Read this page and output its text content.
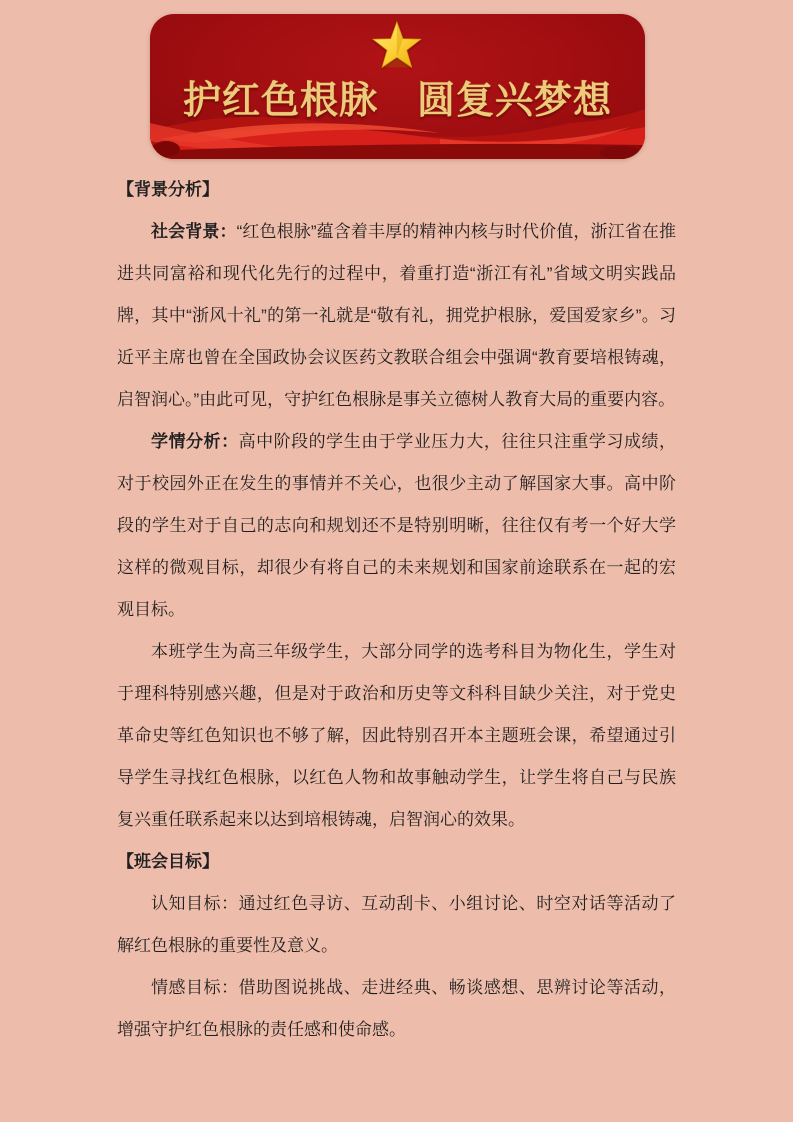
护红色根脉　圆复兴梦想
【背景分析】

社会背景：“红色根脉”蕴含着丰厚的精神内核与时代价值，浙江省在推进共同富裕和现代化先行的过程中，着重打造“浙江有礼”省域文明实践品牌，其中“浙风十礼”的第一礼就是“敬有礼，拥党护根脉，爱国爱家乡”。习近平主席也曾在全国政协会议医药文教联合组会中强调“教育要培根铸魂，启智润心。”由此可见，守护红色根脉是事关立德树人教育大局的重要内容。

学情分析：高中阶段的学生由于学业压力大，往往只注重学习成绩，对于校园外正在发生的事情并不关心，也很少主动了解国家大事。高中阶段的学生对于自己的志向和规划还不是特别明晰，往往仅有考一个好大学这样的微观目标，却很少有将自己的未来规划和国家前途联系在一起的宏观目标。

本班学生为高三年级学生，大部分同学的选考科目为物化生，学生对于理科特别感兴趣，但是对于政治和历史等文科科目缺少关注，对于党史革命史等红色知识也不够了解，因此特别召开本主题班会课，希望通过引导学生寻找红色根脉，以红色人物和故事触动学生，让学生将自己与民族复兴重任联系起来以达到培根铸魂，启智润心的效果。

【班会目标】

认知目标：通过红色寻访、互动刮卡、小组讨论、时空对话等活动了解红色根脉的重要性及意义。

情感目标：借助图说挑战、走进经典、畅谈感想、思辨讨论等活动，增强守护红色根脉的责任感和使命感。
